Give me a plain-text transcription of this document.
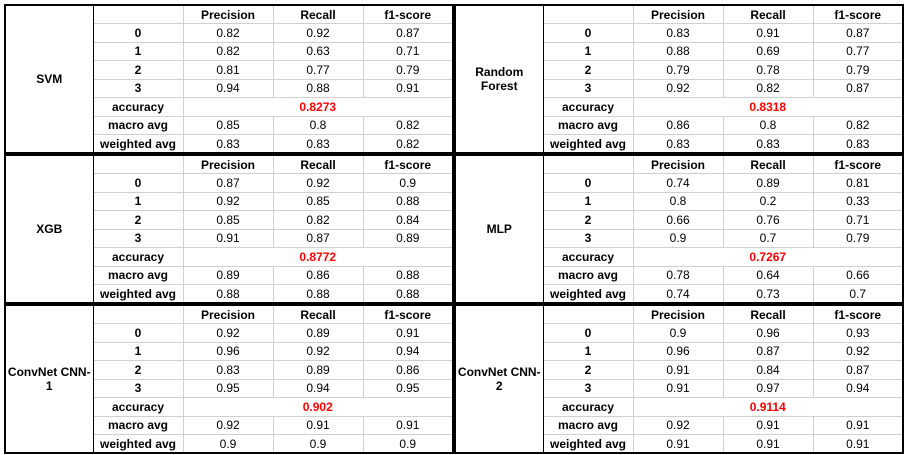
SVM		Precision	Recall	f1-score
	0	0.82	0.92	0.87
	1	0.82	0.63	0.71
	2	0.81	0.77	0.79
	3	0.94	0.88	0.91
	accuracy	0.8273		
	macro avg	0.85	0.8	0.82
	weighted avg	0.83	0.83	0.82
Random Forest		Precision	Recall	f1-score
	0	0.83	0.91	0.87
	1	0.88	0.69	0.77
	2	0.79	0.78	0.79
	3	0.92	0.82	0.87
	accuracy	0.8318		
	macro avg	0.86	0.8	0.82
	weighted avg	0.83	0.83	0.83
XGB		Precision	Recall	f1-score
	0	0.87	0.92	0.9
	1	0.92	0.85	0.88
	2	0.85	0.82	0.84
	3	0.91	0.87	0.89
	accuracy	0.8772		
	macro avg	0.89	0.86	0.88
	weighted avg	0.88	0.88	0.88
MLP		Precision	Recall	f1-score
	0	0.74	0.89	0.81
	1	0.8	0.2	0.33
	2	0.66	0.76	0.71
	3	0.9	0.7	0.79
	accuracy	0.7267		
	macro avg	0.78	0.64	0.66
	weighted avg	0.74	0.73	0.7
ConvNet CNN-1		Precision	Recall	f1-score
	0	0.92	0.89	0.91
	1	0.96	0.92	0.94
	2	0.83	0.89	0.86
	3	0.95	0.94	0.95
	accuracy	0.902		
	macro avg	0.92	0.91	0.91
	weighted avg	0.9	0.9	0.9
ConvNet CNN-2		Precision	Recall	f1-score
	0	0.9	0.96	0.93
	1	0.96	0.87	0.92
	2	0.91	0.84	0.87
	3	0.91	0.97	0.94
	accuracy	0.9114		
	macro avg	0.92	0.91	0.91
	weighted avg	0.91	0.91	0.91
